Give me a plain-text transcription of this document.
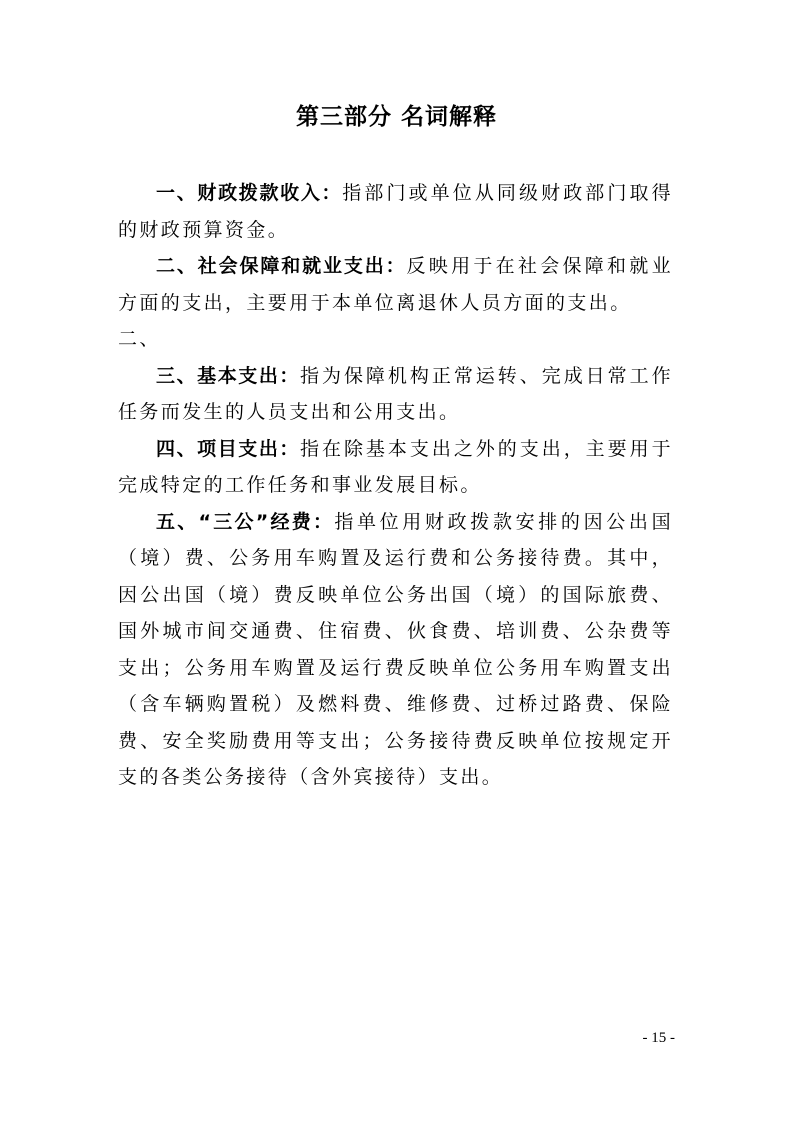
第三部分 名词解释

一、财政拨款收入：指部门或单位从同级财政部门取得的财政预算资金。

二、社会保障和就业支出：反映用于在社会保障和就业方面的支出，主要用于本单位离退休人员方面的支出。

二、

三、基本支出：指为保障机构正常运转、完成日常工作任务而发生的人员支出和公用支出。

四、项目支出：指在除基本支出之外的支出，主要用于完成特定的工作任务和事业发展目标。

五、“三公”经费：指单位用财政拨款安排的因公出国（境）费、公务用车购置及运行费和公务接待费。其中，因公出国（境）费反映单位公务出国（境）的国际旅费、国外城市间交通费、住宿费、伙食费、培训费、公杂费等支出；公务用车购置及运行费反映单位公务用车购置支出（含车辆购置税）及燃料费、维修费、过桥过路费、保险费、安全奖励费用等支出；公务接待费反映单位按规定开支的各类公务接待（含外宾接待）支出。

- 15 -
